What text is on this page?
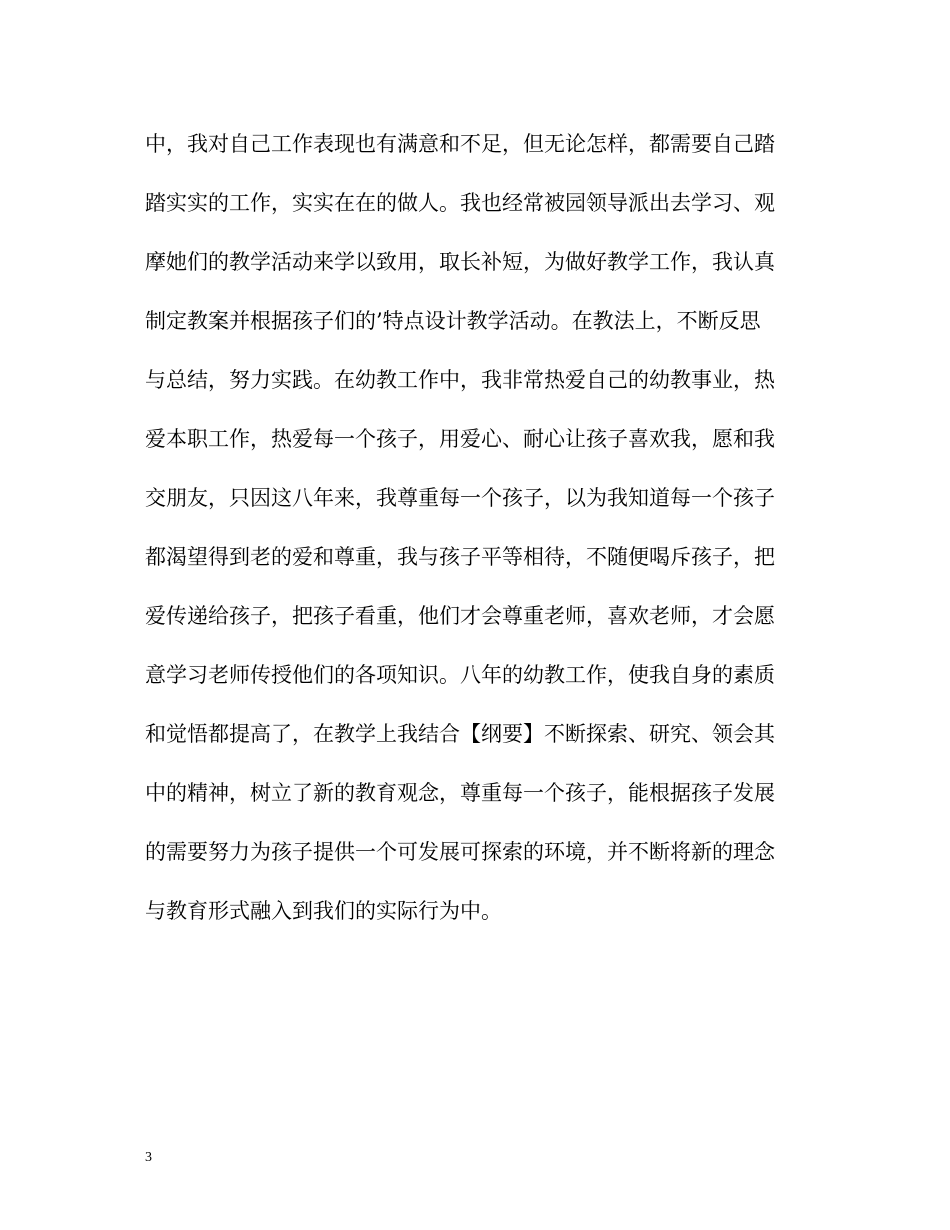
中，我对自己工作表现也有满意和不足，但无论怎样，都需要自己踏
踏实实的工作，实实在在的做人。我也经常被园领导派出去学习、观
摩她们的教学活动来学以致用，取长补短，为做好教学工作，我认真
制定教案并根据孩子们的’特点设计教学活动。在教法上，不断反思
与总结，努力实践。在幼教工作中，我非常热爱自己的幼教事业，热
爱本职工作，热爱每一个孩子，用爱心、耐心让孩子喜欢我，愿和我
交朋友，只因这八年来，我尊重每一个孩子，以为我知道每一个孩子
都渴望得到老的爱和尊重，我与孩子平等相待，不随便喝斥孩子，把
爱传递给孩子，把孩子看重，他们才会尊重老师，喜欢老师，才会愿
意学习老师传授他们的各项知识。八年的幼教工作，使我自身的素质
和觉悟都提高了，在教学上我结合【纲要】不断探索、研究、领会其
中的精神，树立了新的教育观念，尊重每一个孩子，能根据孩子发展
的需要努力为孩子提供一个可发展可探索的环境，并不断将新的理念
与教育形式融入到我们的实际行为中。
3
